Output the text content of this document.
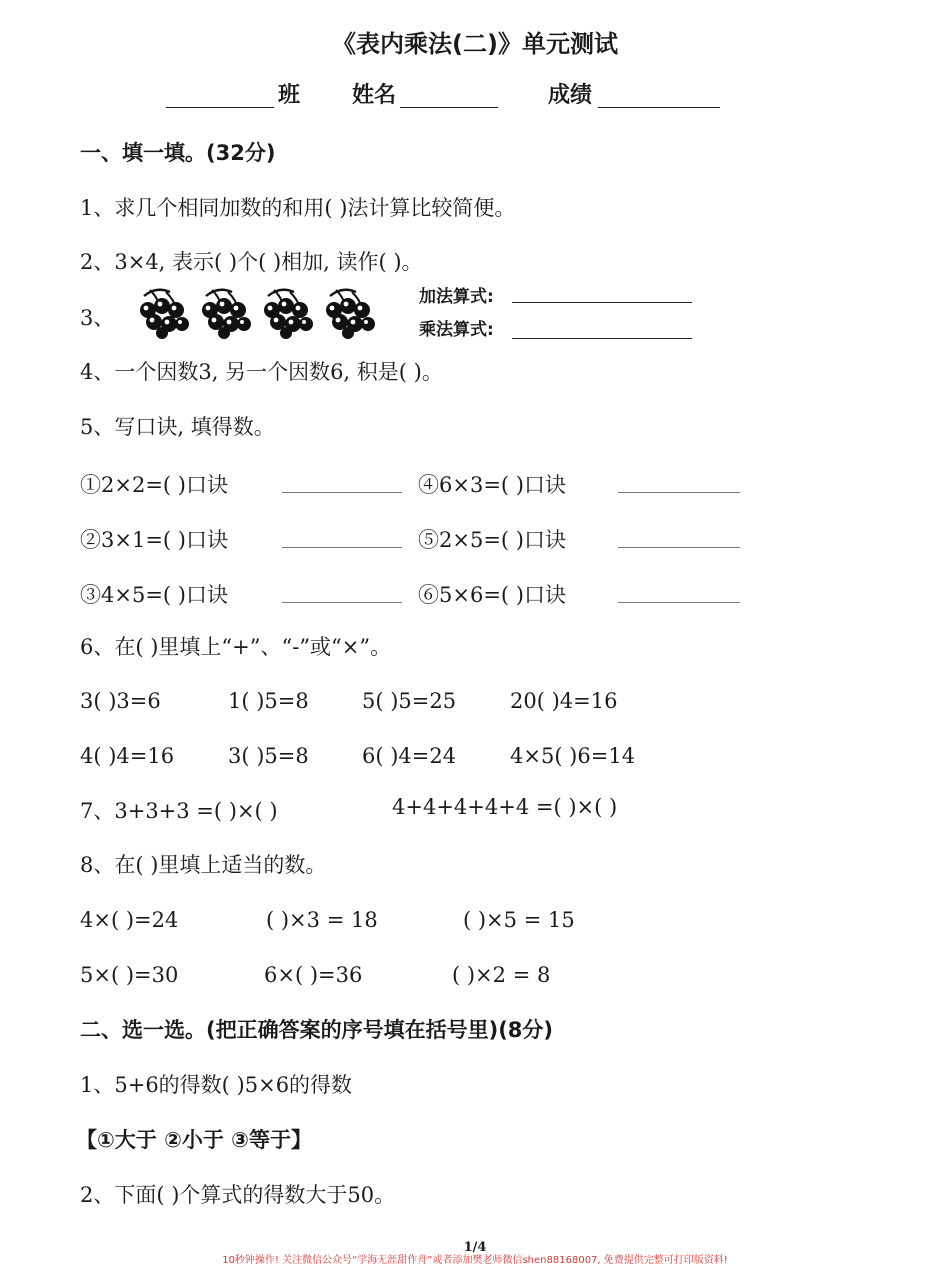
《表内乘法(二)》单元测试
班 姓名	成绩
一、填一填。(32分)
1、求几个相同加数的和用( )法计算比较简便。
2、3×4, 表示( )个( )相加, 读作( )。
3、
加法算式:
乘法算式:
4、一个因数3, 另一个因数6, 积是( )。
5、写口诀, 填得数。
①2×2=( )口诀	④6×3=( )口诀
②3×1=( )口诀	⑤2×5=( )口诀
③4×5=( )口诀	⑥5×6=( )口诀
6、在( )里填上“+”、“-”或“×”。
3( )3=6	1( )5=8	5( )5=25	20( )4=16
4( )4=16	3( )5=8	6( )4=24	4×5( )6=14
7、3+3+3 =( )×( )	4+4+4+4+4 =( )×( )
8、在( )里填上适当的数。
4×( )=24	( )×3 = 18	( )×5 = 15
5×( )=30	6×( )=36	( )×2 = 8
二、选一选。(把正确答案的序号填在括号里)(8分)
1、5+6的得数( )5×6的得数
【①大于 ②小于 ③等于】
2、下面( )个算式的得数大于50。
1/4
10秒钟操作! 关注微信公众号“学海无涯甜作舟”或者添加樊老师微信shen88168007, 免费提供完整可打印版资料!
